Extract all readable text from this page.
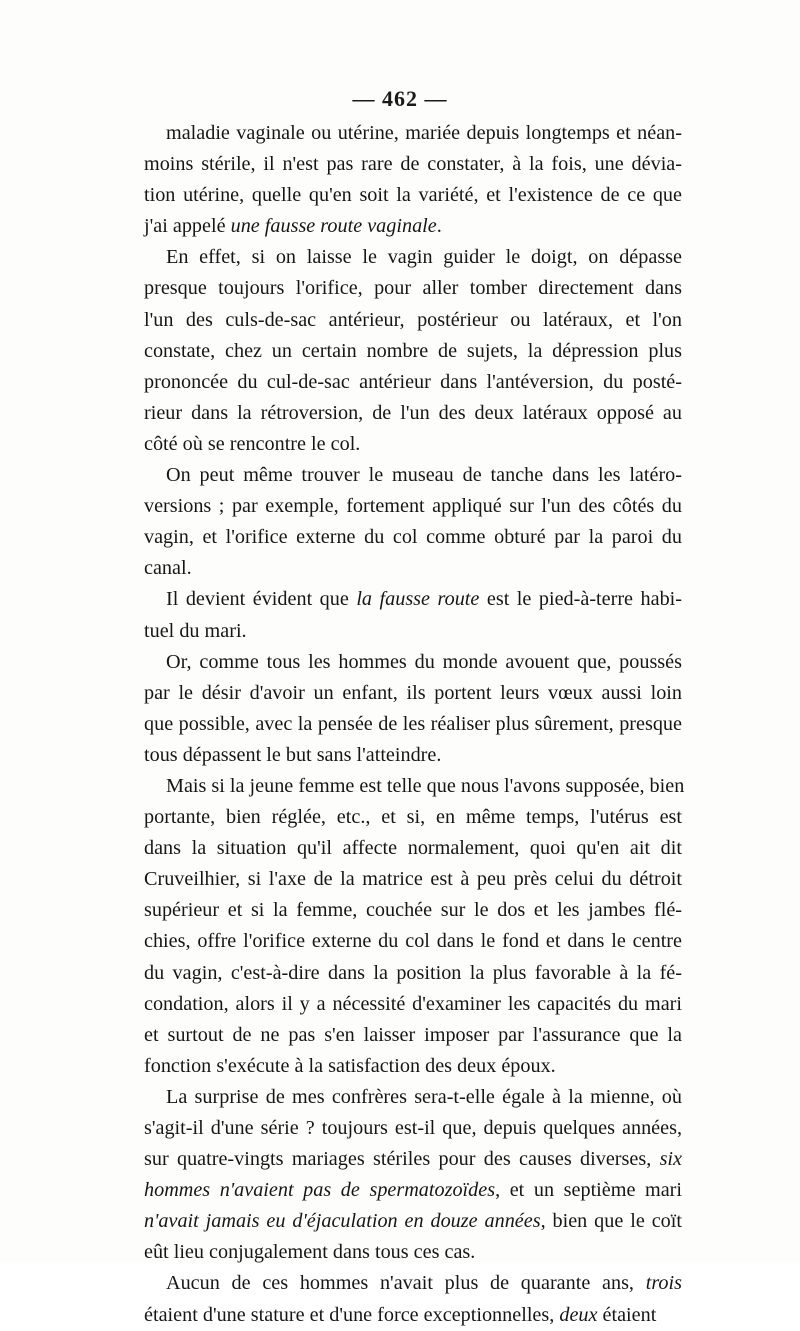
— 462 —
maladie vaginale ou utérine, mariée depuis longtemps et néan-
moins stérile, il n'est pas rare de constater, à la fois, une dévia-
tion utérine, quelle qu'en soit la variété, et l'existence de ce que
j'ai appelé une fausse route vaginale.
En effet, si on laisse le vagin guider le doigt, on dépasse
presque toujours l'orifice, pour aller tomber directement dans
l'un des culs-de-sac antérieur, postérieur ou latéraux, et l'on
constate, chez un certain nombre de sujets, la dépression plus
prononcée du cul-de-sac antérieur dans l'antéversion, du posté-
rieur dans la rétroversion, de l'un des deux latéraux opposé au
côté où se rencontre le col.
On peut même trouver le museau de tanche dans les latéro-
versions ; par exemple, fortement appliqué sur l'un des côtés du
vagin, et l'orifice externe du col comme obturé par la paroi du
canal.
Il devient évident que la fausse route est le pied-à-terre habi-
tuel du mari.
Or, comme tous les hommes du monde avouent que, poussés
par le désir d'avoir un enfant, ils portent leurs vœux aussi loin
que possible, avec la pensée de les réaliser plus sûrement, presque
tous dépassent le but sans l'atteindre.
Mais si la jeune femme est telle que nous l'avons supposée, bien
portante, bien réglée, etc., et si, en même temps, l'utérus est
dans la situation qu'il affecte normalement, quoi qu'en ait dit
Cruveilhier, si l'axe de la matrice est à peu près celui du détroit
supérieur et si la femme, couchée sur le dos et les jambes flé-
chies, offre l'orifice externe du col dans le fond et dans le centre
du vagin, c'est-à-dire dans la position la plus favorable à la fé-
condation, alors il y a nécessité d'examiner les capacités du mari
et surtout de ne pas s'en laisser imposer par l'assurance que la
fonction s'exécute à la satisfaction des deux époux.
La surprise de mes confrères sera-t-elle égale à la mienne, où
s'agit-il d'une série ? toujours est-il que, depuis quelques années,
sur quatre-vingts mariages stériles pour des causes diverses, six
hommes n'avaient pas de spermatozoïdes, et un septième mari
n'avait jamais eu d'éjaculation en douze années, bien que le coït
eût lieu conjugalement dans tous ces cas.
Aucun de ces hommes n'avait plus de quarante ans, trois
étaient d'une stature et d'une force exceptionnelles, deux étaient
